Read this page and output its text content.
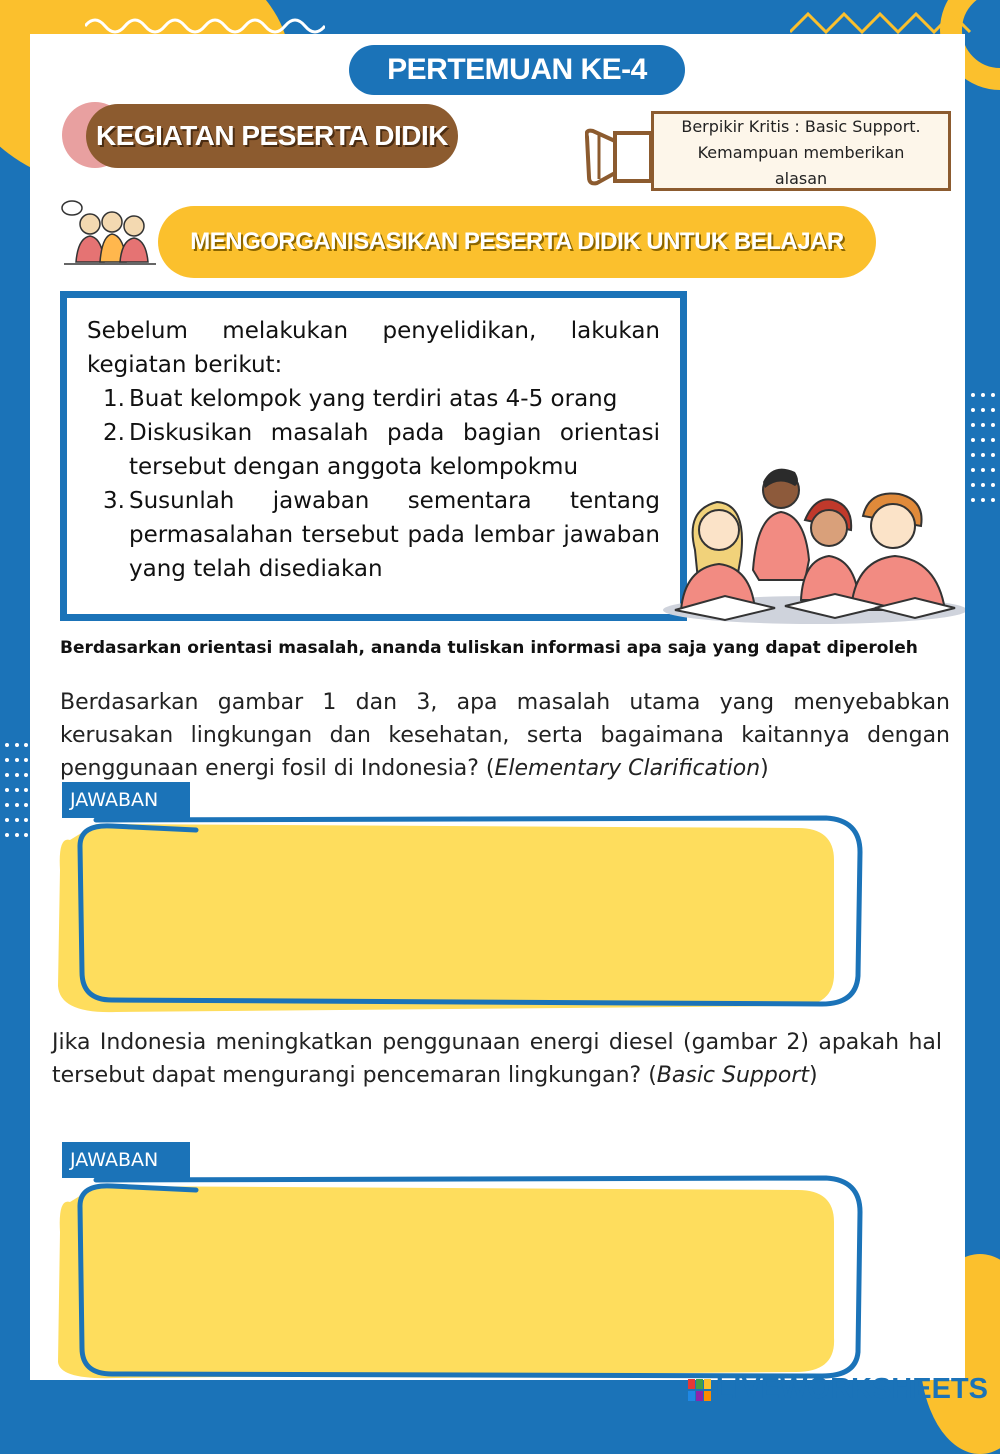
PERTEMUAN KE-4
KEGIATAN PESERTA DIDIK	Berpikir Kritis : Basic Support.
Kemampuan memberikan
alasan
MENGORGANISASIKAN PESERTA DIDIK UNTUK BELAJAR
Sebelum melakukan penyelidikan, lakukan kegiatan berikut:
1. Buat kelompok yang terdiri atas 4-5 orang
2. Diskusikan masalah pada bagian orientasi tersebut dengan anggota kelompokmu
3. Susunlah jawaban sementara tentang permasalahan tersebut pada lembar jawaban yang telah disediakan
Berdasarkan orientasi masalah, ananda tuliskan informasi apa saja yang dapat diperoleh
Berdasarkan gambar 1 dan 3, apa masalah utama yang menyebabkan kerusakan lingkungan dan kesehatan, serta bagaimana kaitannya dengan penggunaan energi fosil di Indonesia? (Elementary Clarification)
JAWABAN
Jika Indonesia meningkatkan penggunaan energi diesel (gambar 2) apakah hal tersebut dapat mengurangi pencemaran lingkungan? (Basic Support)
JAWABAN
LIVEWORKSHEETS
